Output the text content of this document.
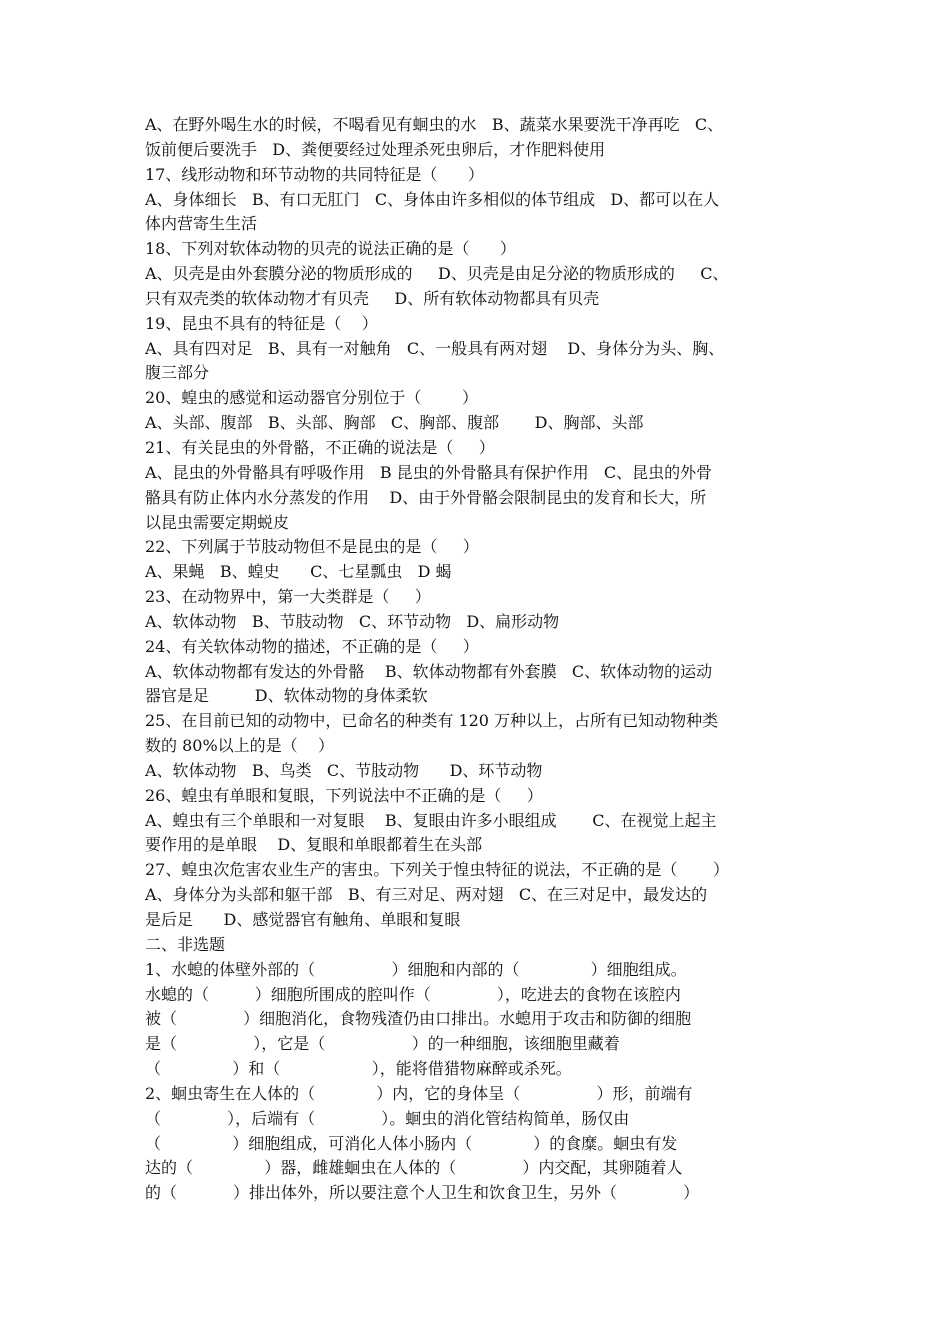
A、在野外喝生水的时候，不喝看见有蛔虫的水   B、蔬菜水果要洗干净再吃   C、
饭前便后要洗手   D、粪便要经过处理杀死虫卵后，才作肥料使用
17、线形动物和环节动物的共同特征是（      ）
A、身体细长   B、有口无肛门   C、身体由许多相似的体节组成   D、都可以在人
体内营寄生生活
18、下列对软体动物的贝壳的说法正确的是（      ）
A、贝壳是由外套膜分泌的物质形成的     D、贝壳是由足分泌的物质形成的     C、
只有双壳类的软体动物才有贝壳     D、所有软体动物都具有贝壳
19、昆虫不具有的特征是（    ）
A、具有四对足   B、具有一对触角   C、一般具有两对翅    D、身体分为头、胸、
腹三部分
20、蝗虫的感觉和运动器官分别位于（        ）
A、头部、腹部   B、头部、胸部   C、胸部、腹部       D、胸部、头部
21、有关昆虫的外骨骼，不正确的说法是（     ）
A、昆虫的外骨骼具有呼吸作用   B 昆虫的外骨骼具有保护作用   C、昆虫的外骨
骼具有防止体内水分蒸发的作用    D、由于外骨骼会限制昆虫的发育和长大，所
以昆虫需要定期蜕皮
22、下列属于节肢动物但不是昆虫的是（     ）
A、果蝇   B、蝗史      C、七星瓢虫   D 蝎
23、在动物界中，第一大类群是（     ）
A、软体动物   B、节肢动物   C、环节动物   D、扁形动物
24、有关软体动物的描述，不正确的是（     ）
A、软体动物都有发达的外骨骼    B、软体动物都有外套膜   C、软体动物的运动
器官是足         D、软体动物的身体柔软
25、在目前已知的动物中，已命名的种类有 120 万种以上，占所有已知动物种类
数的 80%以上的是（    ）
A、软体动物   B、鸟类   C、节肢动物      D、环节动物
26、蝗虫有单眼和复眼，下列说法中不正确的是（     ）
A、蝗虫有三个单眼和一对复眼    B、复眼由许多小眼组成       C、在视觉上起主
要作用的是单眼    D、复眼和单眼都着生在头部
27、蝗虫次危害农业生产的害虫。下列关于惶虫特征的说法，不正确的是（       ）
A、身体分为头部和躯干部   B、有三对足、两对翅   C、在三对足中，最发达的
是后足      D、感觉器官有触角、单眼和复眼
二、非选题
1、水螅的体壁外部的（               ）细胞和内部的（              ）细胞组成。
水螅的（         ）细胞所围成的腔叫作（             ），吃进去的食物在该腔内
被（             ）细胞消化，食物残渣仍由口排出。水螅用于攻击和防御的细胞
是（               ），它是（                 ）的一种细胞，该细胞里藏着
（              ）和（                  ），能将借猎物麻醉或杀死。
2、蛔虫寄生在人体的（            ）内，它的身体呈（               ）形，前端有
（             ），后端有（             ）。蛔虫的消化管结构简单，肠仅由
（              ）细胞组成，可消化人体小肠内（            ）的食糜。蛔虫有发
达的（              ）器，雌雄蛔虫在人体的（             ）内交配，其卵随着人
的（           ）排出体外，所以要注意个人卫生和饮食卫生，另外（             ）
